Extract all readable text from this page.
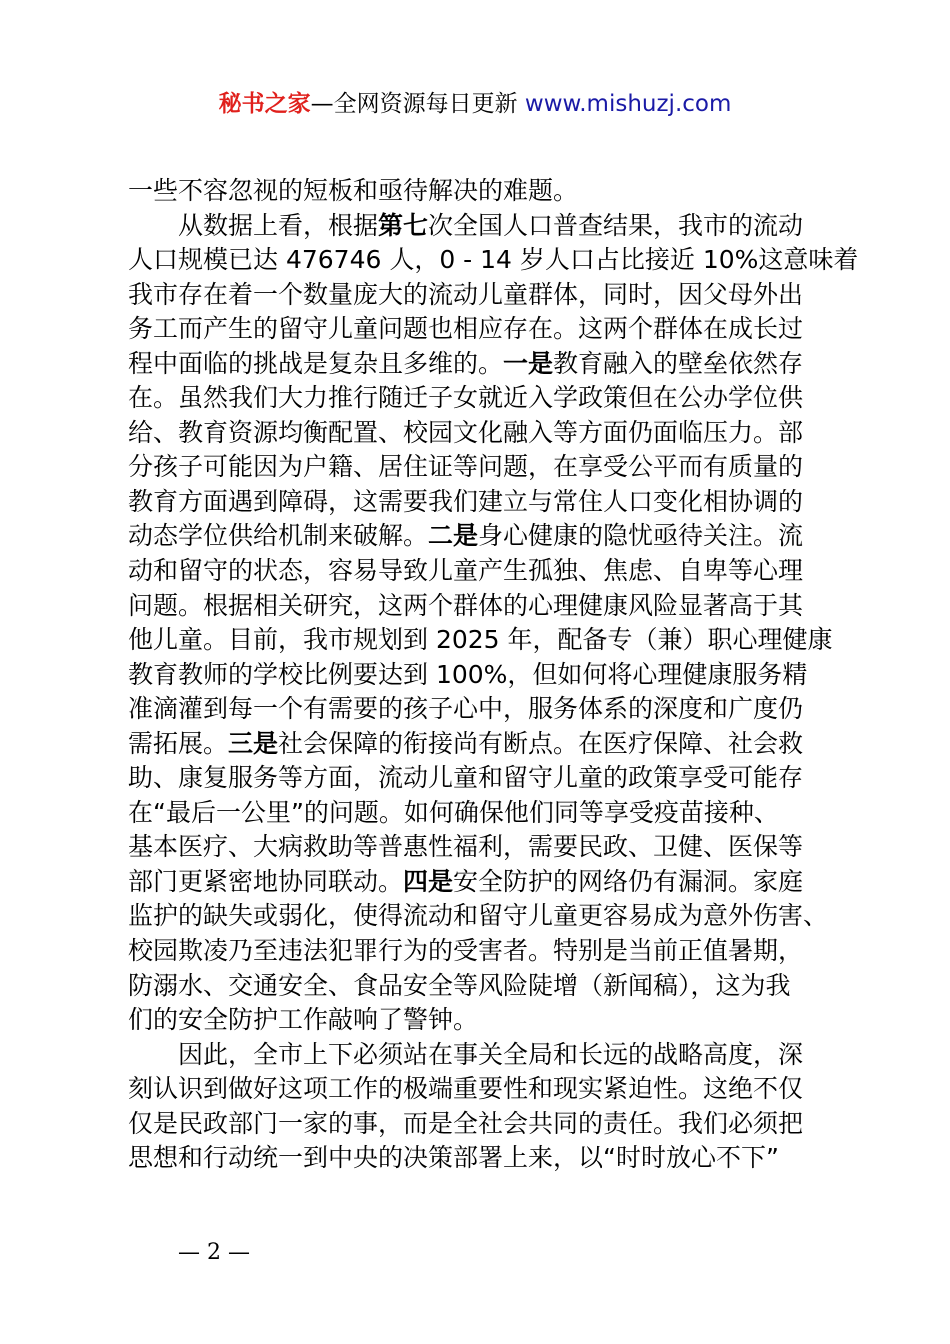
秘书之家—全网资源每日更新 www.mishuzj.com

一些不容忽视的短板和亟待解决的难题。

　　从数据上看，根据第七次全国人口普查结果，我市的流动

人口规模已达 476746 人，0 - 14 岁人口占比接近 10%这意味着

我市存在着一个数量庞大的流动儿童群体，同时，因父母外出

务工而产生的留守儿童问题也相应存在。这两个群体在成长过

程中面临的挑战是复杂且多维的。一是教育融入的壁垒依然存

在。虽然我们大力推行随迁子女就近入学政策但在公办学位供

给、教育资源均衡配置、校园文化融入等方面仍面临压力。部

分孩子可能因为户籍、居住证等问题，在享受公平而有质量的

教育方面遇到障碍，这需要我们建立与常住人口变化相协调的

动态学位供给机制来破解。二是身心健康的隐忧亟待关注。流

动和留守的状态，容易导致儿童产生孤独、焦虑、自卑等心理

问题。根据相关研究，这两个群体的心理健康风险显著高于其

他儿童。目前，我市规划到 2025 年，配备专（兼）职心理健康

教育教师的学校比例要达到 100%，但如何将心理健康服务精

准滴灌到每一个有需要的孩子心中，服务体系的深度和广度仍

需拓展。三是社会保障的衔接尚有断点。在医疗保障、社会救

助、康复服务等方面，流动儿童和留守儿童的政策享受可能存

在“最后一公里”的问题。如何确保他们同等享受疫苗接种、

基本医疗、大病救助等普惠性福利，需要民政、卫健、医保等

部门更紧密地协同联动。四是安全防护的网络仍有漏洞。家庭

监护的缺失或弱化，使得流动和留守儿童更容易成为意外伤害、

校园欺凌乃至违法犯罪行为的受害者。特别是当前正值暑期，

防溺水、交通安全、食品安全等风险陡增（新闻稿），这为我

们的安全防护工作敲响了警钟。

　　因此，全市上下必须站在事关全局和长远的战略高度，深

刻认识到做好这项工作的极端重要性和现实紧迫性。这绝不仅

仅是民政部门一家的事，而是全社会共同的责任。我们必须把

思想和行动统一到中央的决策部署上来，以“时时放心不下”

— 2 —
